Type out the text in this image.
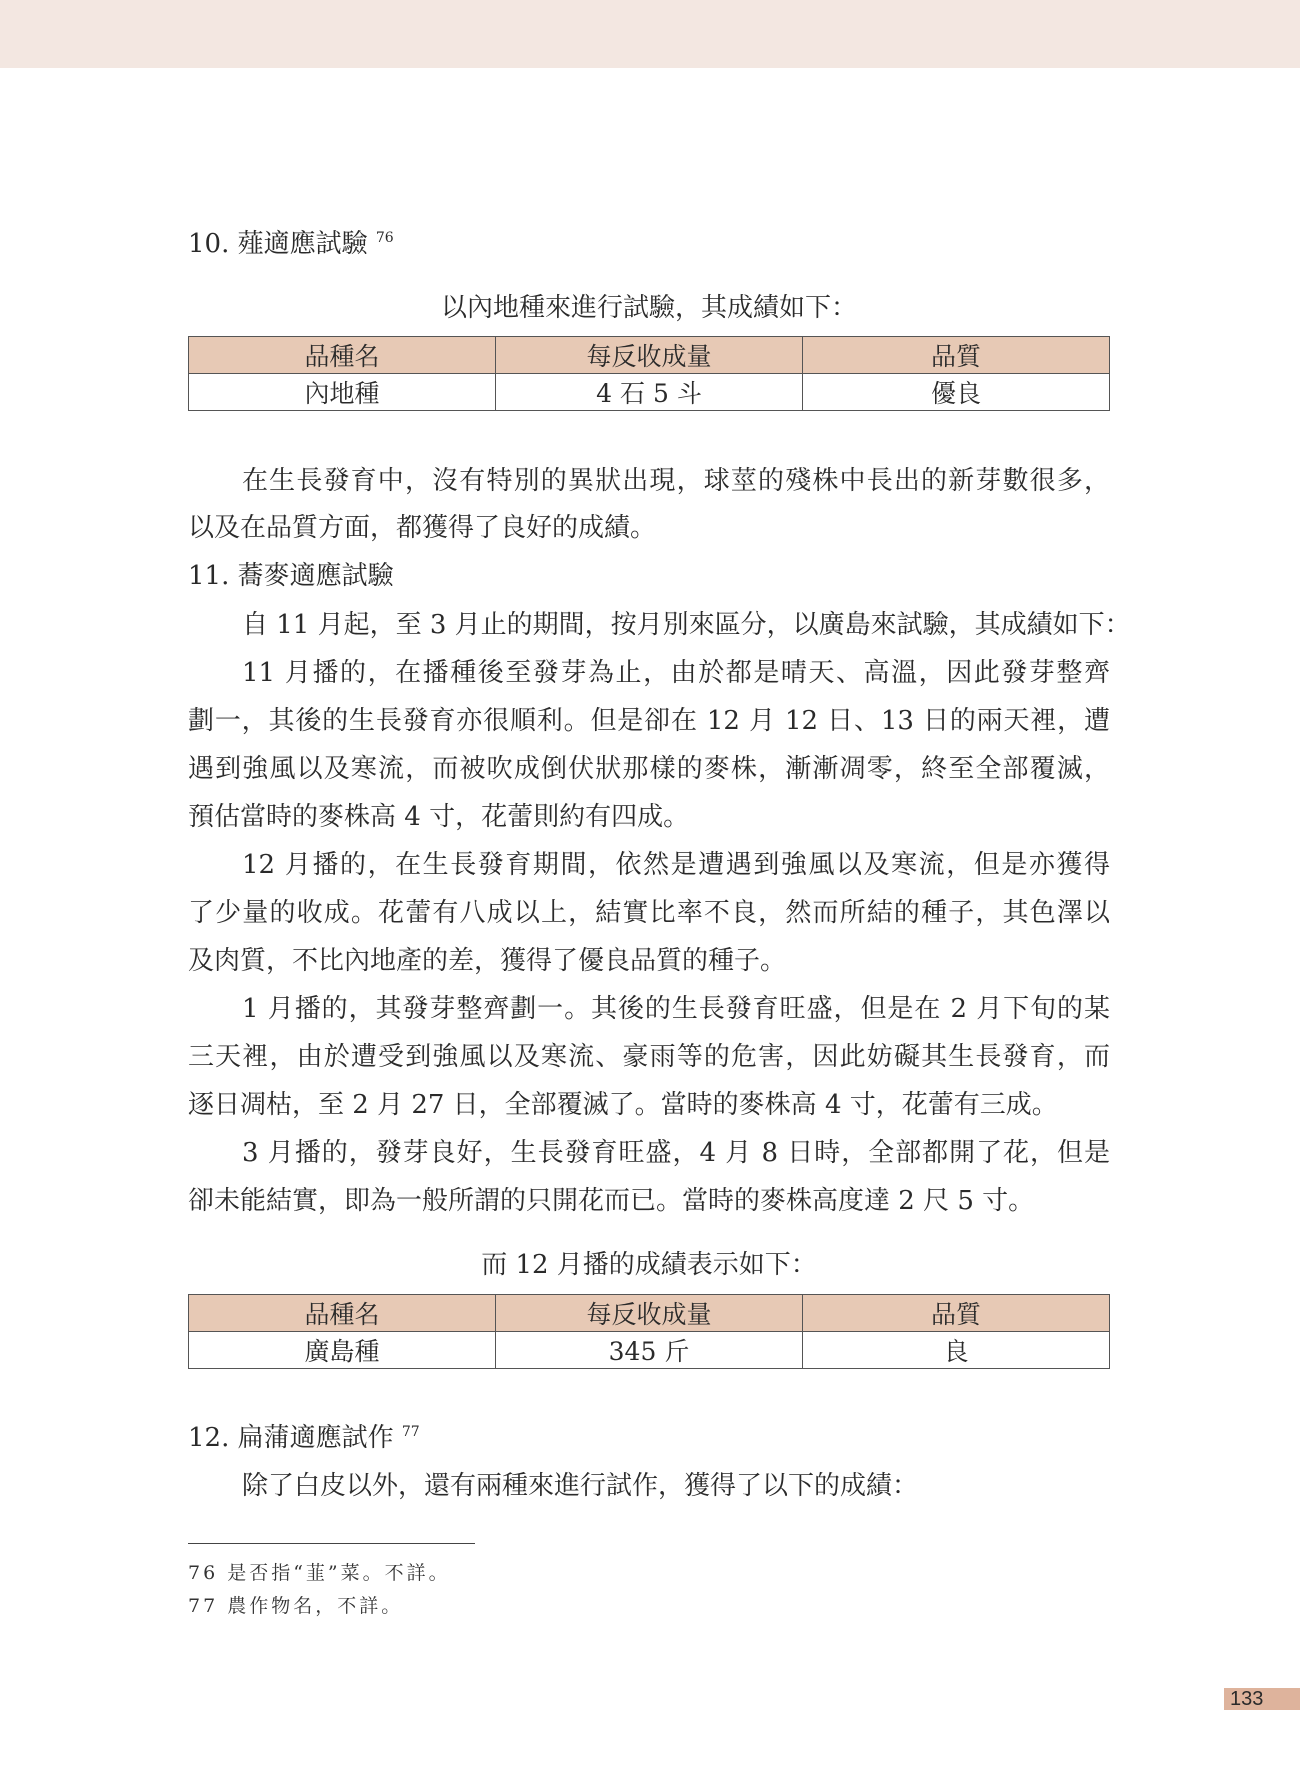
10. 薤適應試驗 $^{76}$
以內地種來進行試驗，其成績如下：
品種名	每反收成量	品質
內地種	4 石 5 斗	優良
在生長發育中，沒有特別的異狀出現，球莖的殘株中長出的新芽數很多，
以及在品質方面，都獲得了良好的成績。
11. 蕎麥適應試驗
自 11 月起，至 3 月止的期間，按月別來區分，以廣島來試驗，其成績如下：
11 月播的，在播種後至發芽為止，由於都是晴天、高溫，因此發芽整齊
劃一，其後的生長發育亦很順利。但是卻在 12 月 12 日、13 日的兩天裡，遭
遇到強風以及寒流，而被吹成倒伏狀那樣的麥株，漸漸凋零，終至全部覆滅，
預估當時的麥株高 4 寸，花蕾則約有四成。
12 月播的，在生長發育期間，依然是遭遇到強風以及寒流，但是亦獲得
了少量的收成。花蕾有八成以上，結實比率不良，然而所結的種子，其色澤以
及肉質，不比內地產的差，獲得了優良品質的種子。
1 月播的，其發芽整齊劃一。其後的生長發育旺盛，但是在 2 月下旬的某
三天裡，由於遭受到強風以及寒流、豪雨等的危害，因此妨礙其生長發育，而
逐日凋枯，至 2 月 27 日，全部覆滅了。當時的麥株高 4 寸，花蕾有三成。
3 月播的，發芽良好，生長發育旺盛，4 月 8 日時，全部都開了花，但是
卻未能結實，即為一般所謂的只開花而已。當時的麥株高度達 2 尺 5 寸。
而 12 月播的成績表示如下：
品種名	每反收成量	品質
廣島種	345 斤	良
12. 扁蒲適應試作 $^{77}$
除了白皮以外，還有兩種來進行試作，獲得了以下的成績：
76 是否指“韮”菜。不詳。
77 農作物名，不詳。
133
